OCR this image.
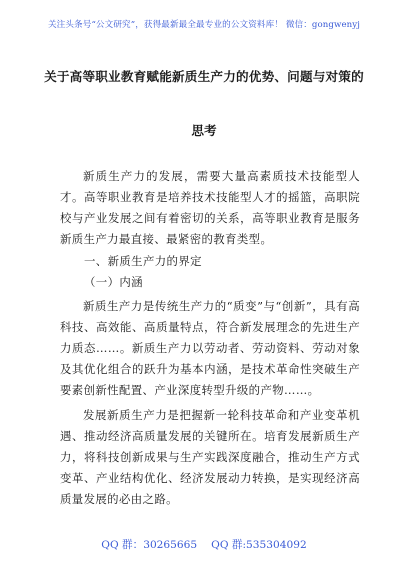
关注头条号“公文研究”，获得最新最全最专业的公文资料库！ 微信：gongwenyj
关于高等职业教育赋能新质生产力的优势、问题与对策的
思考
新质生产力的发展，需要大量高素质技术技能型人才。高等职业教育是培养技术技能型人才的摇篮，高职院校与产业发展之间有着密切的关系，高等职业教育是服务新质生产力最直接、最紧密的教育类型。
一、新质生产力的界定
（一）内涵
新质生产力是传统生产力的“质变”与“创新”，具有高科技、高效能、高质量特点，符合新发展理念的先进生产力质态……。新质生产力以劳动者、劳动资料、劳动对象及其优化组合的跃升为基本内涵，是技术革命性突破生产要素创新性配置、产业深度转型升级的产物……。
发展新质生产力是把握新一轮科技革命和产业变革机遇、推动经济高质量发展的关键所在。培育发展新质生产力，将科技创新成果与生产实践深度融合，推动生产方式变革、产业结构优化、经济发展动力转换，是实现经济高质量发展的必由之路。
QQ 群：30265665 QQ 群:535304092
